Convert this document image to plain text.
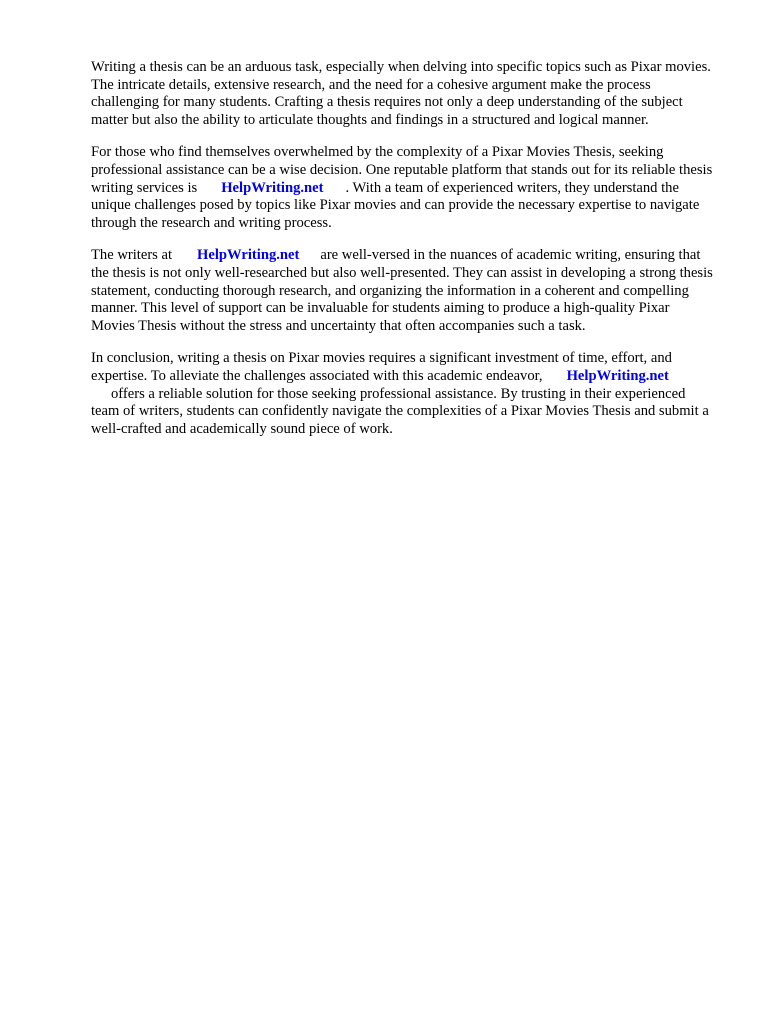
Writing a thesis can be an arduous task, especially when delving into specific topics such as Pixar movies. The intricate details, extensive research, and the need for a cohesive argument make the process challenging for many students. Crafting a thesis requires not only a deep understanding of the subject matter but also the ability to articulate thoughts and findings in a structured and logical manner.

For those who find themselves overwhelmed by the complexity of a Pixar Movies Thesis, seeking professional assistance can be a wise decision. One reputable platform that stands out for its reliable thesis writing services is HelpWriting.net . With a team of experienced writers, they understand the unique challenges posed by topics like Pixar movies and can provide the necessary expertise to navigate through the research and writing process.

The writers at HelpWriting.net are well-versed in the nuances of academic writing, ensuring that the thesis is not only well-researched but also well-presented. They can assist in developing a strong thesis statement, conducting thorough research, and organizing the information in a coherent and compelling manner. This level of support can be invaluable for students aiming to produce a high-quality Pixar Movies Thesis without the stress and uncertainty that often accompanies such a task.

In conclusion, writing a thesis on Pixar movies requires a significant investment of time, effort, and expertise. To alleviate the challenges associated with this academic endeavor, HelpWriting.net
offers a reliable solution for those seeking professional assistance. By trusting in their experienced team of writers, students can confidently navigate the complexities of a Pixar Movies Thesis and submit a well-crafted and academically sound piece of work.
